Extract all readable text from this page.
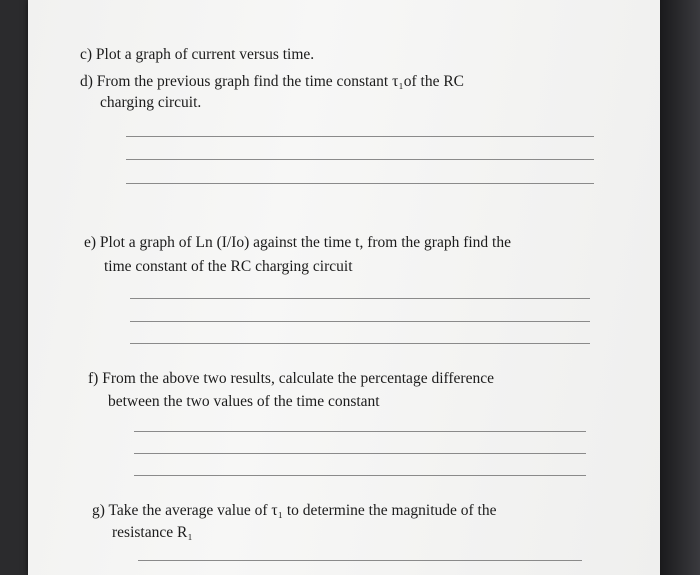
c) Plot a graph of current versus time.
d) From the previous graph find the time constant τ₁of the RC
charging circuit.
e) Plot a graph of Ln (I/Io) against the time t, from the graph find the
time constant of the RC charging circuit
f) From the above two results, calculate the percentage difference
between the two values of the time constant
g) Take the average value of τ₁ to determine the magnitude of the
resistance R₁
